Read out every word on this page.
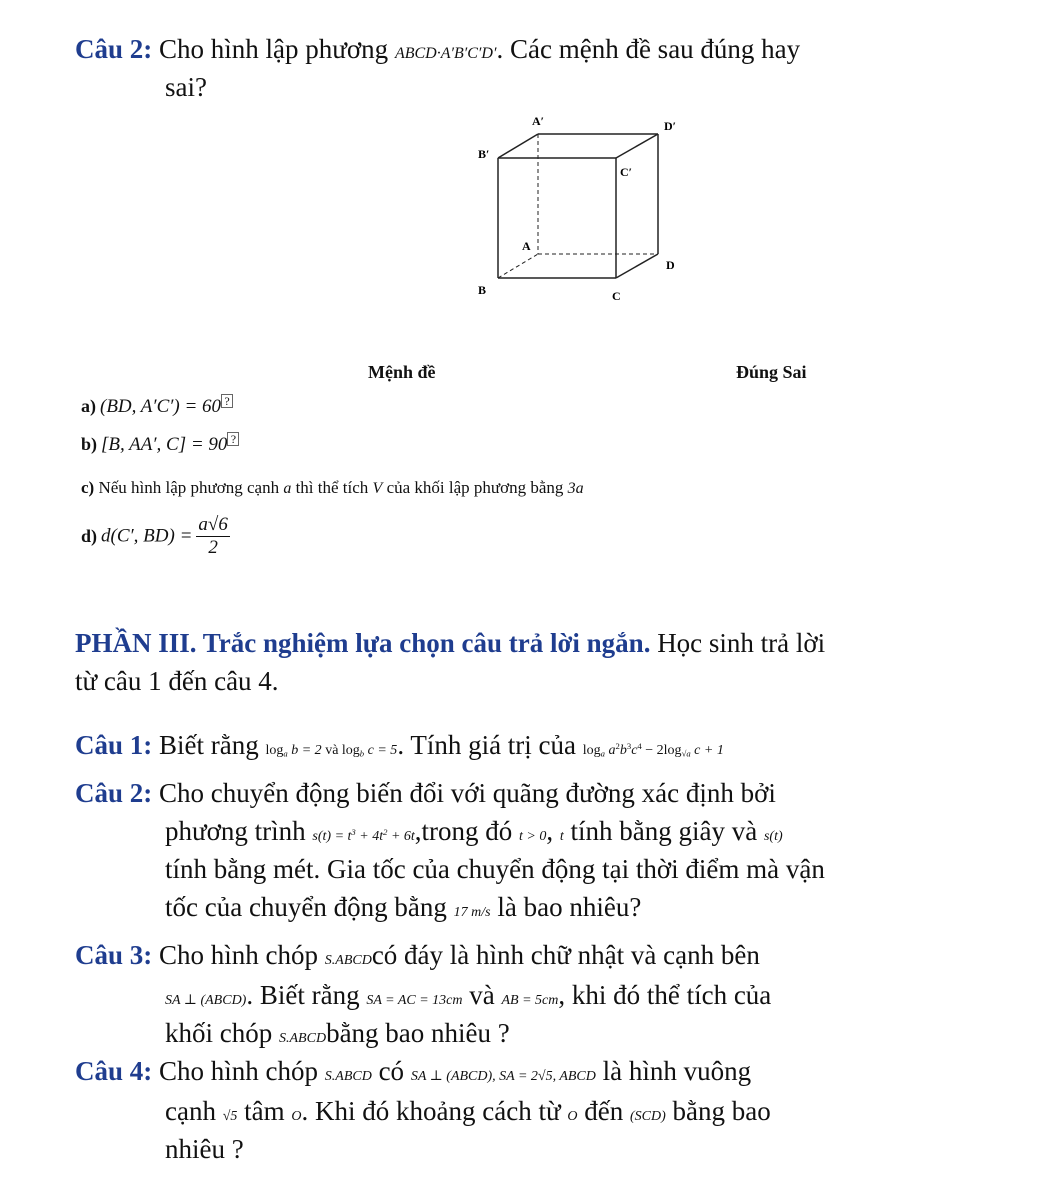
Câu 2: Cho hình lập phương ABCD·A′B′C′D′. Các mệnh đề sau đúng hay
sai?
A′	D′
B′
C′
A
D
B	C
Mệnh đề	Đúng Sai
a) (BD, A′C′) = 60 ?
b) [B, AA′, C] = 90 ?
c) Nếu hình lập phương cạnh a thì thể tích V của khối lập phương bằng 3a
d) d(C′, $BD) = \frac{a√6}{2}$
PHẦN III. Trắc nghiệm lựa chọn câu trả lời ngắn. Học sinh trả lời
từ câu 1 đến câu 4.
Câu 1: Biết rằng $\log_a b = 2$ và $\log_b c = 5$. Tính giá trị của $\log_a a^2b^3c^4 - 2\log_{√a}$ c + 1
Câu 2: Cho chuyển động biến đổi với quãng đường xác định bởi
phương trình $s(t) = t^3 + 4t^2$ + 6t,trong đó t > 0, t tính bằng giây và s(t)
tính bằng mét. Gia tốc của chuyển động tại thời điểm mà vận
tốc của chuyển động bằng 17 m/s là bao nhiêu?
Câu 3: Cho hình chóp S.ABCDcó đáy là hình chữ nhật và cạnh bên
SA ⊥ (ABCD). Biết rằng SA = AC = 13cm và AB = 5cm, khi đó thể tích của
khối chóp S.ABCDbằng bao nhiêu ?
Câu 4: Cho hình chóp S.ABCD có SA ⊥ (ABCD), SA = 2√5, ABCD là hình vuông
cạnh √5 tâm O. Khi đó khoảng cách từ O đến (SCD) bằng bao
nhiêu ?
